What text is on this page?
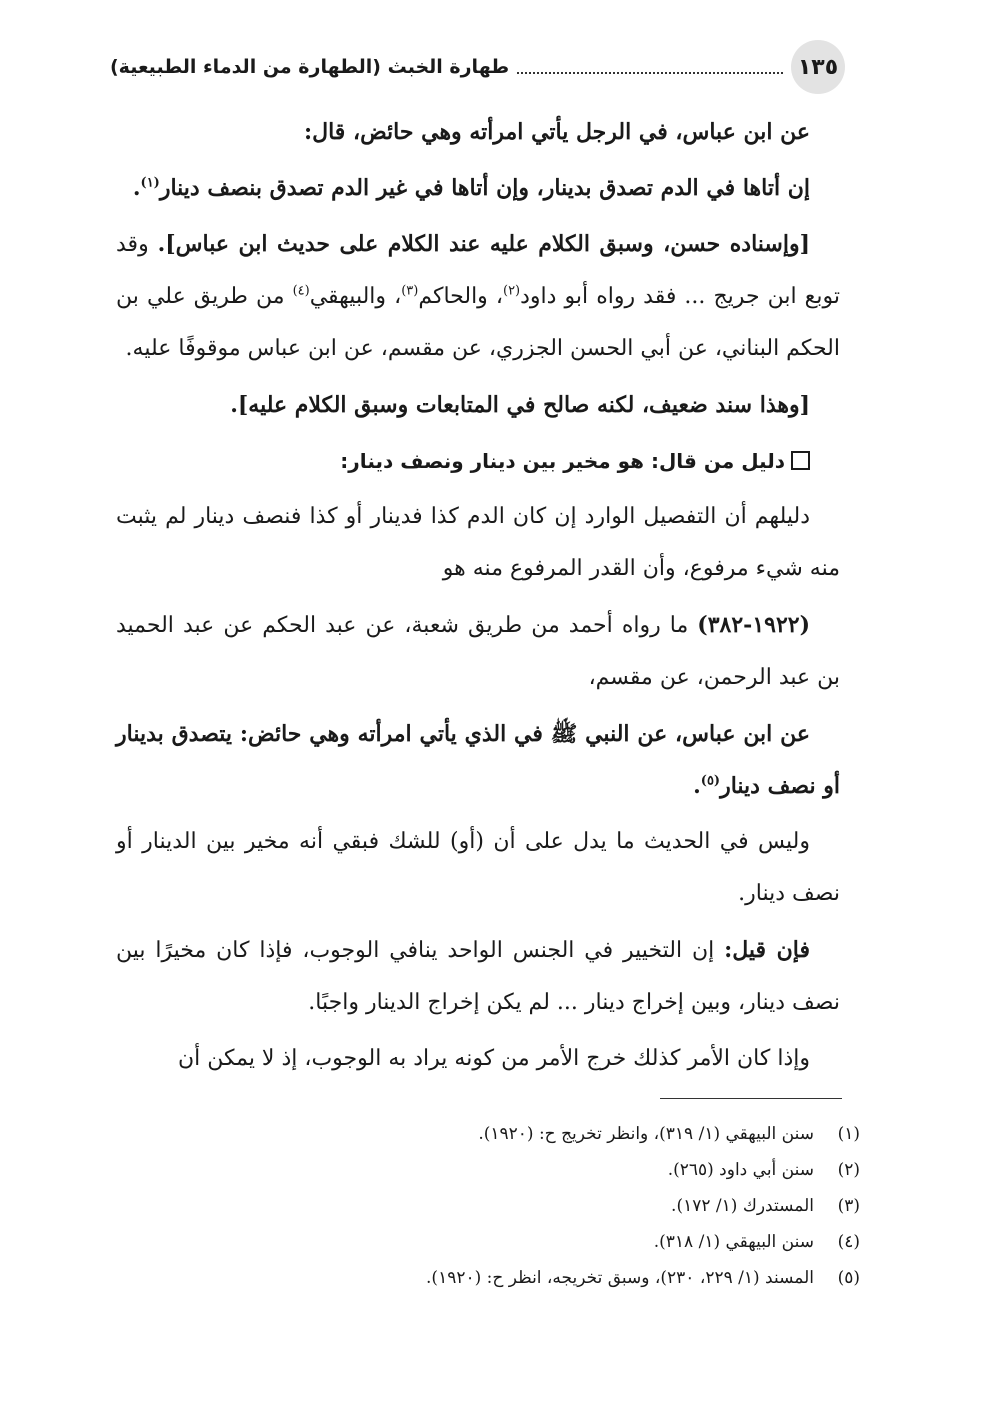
١٣٥
طهارة الخبث (الطهارة من الدماء الطبيعية)

عن ابن عباس، في الرجل يأتي امرأته وهي حائض، قال:

إن أتاها في الدم تصدق بدينار، وإن أتاها في غير الدم تصدق بنصف دينار$^{(١)}$.

[وإسناده حسن، وسبق الكلام عليه عند الكلام على حديث ابن عباس]. وقد توبع ابن جريج ... فقد رواه أبو داود$^{(٢)}$، والحاكم$^{(٣)}$، والبيهقي$^{(٤)}$ من طريق علي بن الحكم البناني، عن أبي الحسن الجزري، عن مقسم، عن ابن عباس موقوفًا عليه.

[وهذا سند ضعيف، لكنه صالح في المتابعات وسبق الكلام عليه].

دليل من قال: هو مخير بين دينار ونصف دينار:

دليلهم أن التفصيل الوارد إن كان الدم كذا فدينار أو كذا فنصف دينار لم يثبت منه شيء مرفوع، وأن القدر المرفوع منه هو

(١٩٢٢-٣٨٢) ما رواه أحمد من طريق شعبة، عن عبد الحكم عن عبد الحميد بن عبد الرحمن، عن مقسم،

عن ابن عباس، عن النبي ﷺ في الذي يأتي امرأته وهي حائض: يتصدق بدينار أو نصف دينار$^{(٥)}$.

وليس في الحديث ما يدل على أن (أو) للشك فبقي أنه مخير بين الدينار أو نصف دينار.

فإن قيل: إن التخيير في الجنس الواحد ينافي الوجوب، فإذا كان مخيرًا بين نصف دينار، وبين إخراج دينار ... لم يكن إخراج الدينار واجبًا.

وإذا كان الأمر كذلك خرج الأمر من كونه يراد به الوجوب، إذ لا يمكن أن

(١)
سنن البيهقي (١/ ٣١٩)، وانظر تخريج ح: (١٩٢٠).
(٢)
سنن أبي داود (٢٦٥).
(٣)
المستدرك (١/ ١٧٢).
(٤)
سنن البيهقي (١/ ٣١٨).
(٥)
المسند (١/ ٢٢٩، ٢٣٠)، وسبق تخريجه، انظر ح: (١٩٢٠).
